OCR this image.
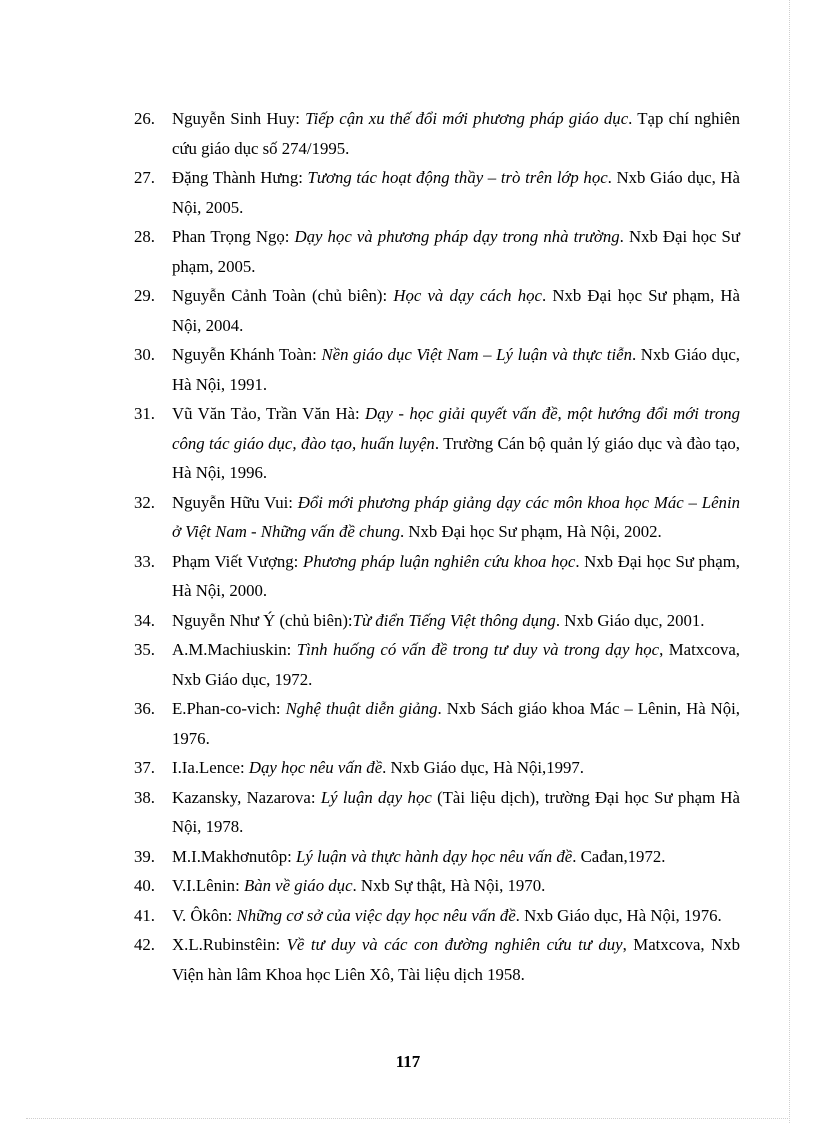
26.	Nguyễn Sinh Huy: Tiếp cận xu thế đổi mới phương pháp giáo dục. Tạp chí nghiên cứu giáo dục số 274/1995.
27.	Đặng Thành Hưng: Tương tác hoạt động thầy – trò trên lớp học. Nxb Giáo dục, Hà Nội, 2005.
28.	Phan Trọng Ngọ: Dạy học và phương pháp dạy trong nhà trường. Nxb Đại học Sư phạm, 2005.
29.	Nguyễn Cảnh Toàn (chủ biên): Học và dạy cách học. Nxb Đại học Sư phạm, Hà Nội, 2004.
30.	Nguyễn Khánh Toàn: Nền giáo dục Việt Nam – Lý luận và thực tiễn. Nxb Giáo dục, Hà Nội, 1991.
31.	Vũ Văn Tảo, Trần Văn Hà: Dạy - học giải quyết vấn đề, một hướng đổi mới trong công tác giáo dục, đào tạo, huấn luyện. Trường Cán bộ quản lý giáo dục và đào tạo, Hà Nội, 1996.
32.	Nguyễn Hữu Vui: Đổi mới phương pháp giảng dạy các môn khoa học Mác – Lênin ở Việt Nam - Những vấn đề chung. Nxb Đại học Sư phạm, Hà Nội, 2002.
33.	Phạm Viết Vượng: Phương pháp luận nghiên cứu khoa học. Nxb Đại học Sư phạm, Hà Nội, 2000.
34.	Nguyễn Như Ý (chủ biên):Từ điển Tiếng Việt thông dụng. Nxb Giáo dục, 2001.
35.	A.M.Machiuskin: Tình huống có vấn đề trong tư duy và trong dạy học, Matxcova, Nxb Giáo dục, 1972.
36.	E.Phan-co-vich: Nghệ thuật diễn giảng. Nxb Sách giáo khoa Mác – Lênin, Hà Nội, 1976.
37.	I.Ia.Lence: Dạy học nêu vấn đề. Nxb Giáo dục, Hà Nội,1997.
38.	Kazansky, Nazarova: Lý luận dạy học (Tài liệu dịch), trường Đại học Sư phạm Hà Nội, 1978.
39.	M.I.Makhơnutôp: Lý luận và thực hành dạy học nêu vấn đề. Cađan,1972.
40.	V.I.Lênin: Bàn về giáo dục. Nxb Sự thật, Hà Nội, 1970.
41.	V. Ôkôn: Những cơ sở của việc dạy học nêu vấn đề. Nxb Giáo dục, Hà Nội, 1976.
42.	X.L.Rubinstêin: Về tư duy và các con đường nghiên cứu tư duy, Matxcova, Nxb Viện hàn lâm Khoa học Liên Xô, Tài liệu dịch 1958.
117
